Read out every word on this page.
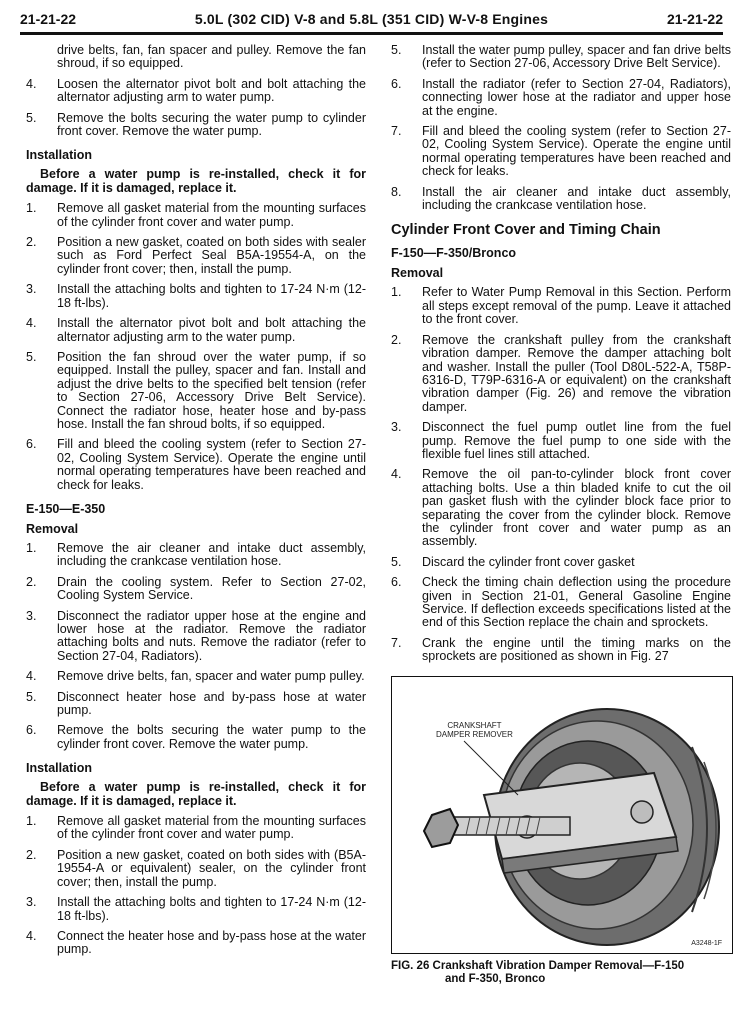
21-21-22	5.0L (302 CID) V-8 and 5.8L (351 CID) W-V-8 Engines	21-21-22

drive belts, fan, fan spacer and pulley. Remove the fan shroud, if so equipped.

4.	Loosen the alternator pivot bolt and bolt attaching the alternator adjusting arm to water pump.
5.	Remove the bolts securing the water pump to cylinder front cover. Remove the water pump.
Installation

Before a water pump is re-installed, check it for damage. If it is damaged, replace it.

1.	Remove all gasket material from the mounting surfaces of the cylinder front cover and water pump.
2.	Position a new gasket, coated on both sides with sealer such as Ford Perfect Seal B5A-19554-A, on the cylinder front cover; then, install the pump.
3.	Install the attaching bolts and tighten to 17-24 N·m (12-18 ft-lbs).
4.	Install the alternator pivot bolt and bolt attaching the alternator adjusting arm to the water pump.
5.	Position the fan shroud over the water pump, if so equipped. Install the pulley, spacer and fan. Install and adjust the drive belts to the specified belt tension (refer to Section 27-06, Accessory Drive Belt Service). Connect the radiator hose, heater hose and by-pass hose. Install the fan shroud bolts, if so equipped.
6.	Fill and bleed the cooling system (refer to Section 27-02, Cooling System Service). Operate the engine until normal operating temperatures have been reached and check for leaks.
E-150—E-350
Removal
1.	Remove the air cleaner and intake duct assembly, including the crankcase ventilation hose.
2.	Drain the cooling system. Refer to Section 27-02, Cooling System Service.
3.	Disconnect the radiator upper hose at the engine and lower hose at the radiator. Remove the radiator attaching bolts and nuts. Remove the radiator (refer to Section 27-04, Radiators).
4.	Remove drive belts, fan, spacer and water pump pulley.
5.	Disconnect heater hose and by-pass hose at water pump.
6.	Remove the bolts securing the water pump to the cylinder front cover. Remove the water pump.
Installation

Before a water pump is re-installed, check it for damage. If it is damaged, replace it.

1.	Remove all gasket material from the mounting surfaces of the cylinder front cover and water pump.
2.	Position a new gasket, coated on both sides with (B5A-19554-A or equivalent) sealer, on the cylinder front cover; then, install the pump.
3.	Install the attaching bolts and tighten to 17-24 N·m (12-18 ft-lbs).
4.	Connect the heater hose and by-pass hose at the water pump.
5.	Install the water pump pulley, spacer and fan drive belts (refer to Section 27-06, Accessory Drive Belt Service).
6.	Install the radiator (refer to Section 27-04, Radiators), connecting lower hose at the radiator and upper hose at the engine.
7.	Fill and bleed the cooling system (refer to Section 27-02, Cooling System Service). Operate the engine until normal operating temperatures have been reached and check for leaks.
8.	Install the air cleaner and intake duct assembly, including the crankcase ventilation hose.
Cylinder Front Cover and Timing Chain
F-150—F-350/Bronco
Removal
1.	Refer to Water Pump Removal in this Section. Perform all steps except removal of the pump. Leave it attached to the front cover.
2.	Remove the crankshaft pulley from the crankshaft vibration damper. Remove the damper attaching bolt and washer. Install the puller (Tool D80L-522-A, T58P-6316-D, T79P-6316-A or equivalent) on the crankshaft vibration damper (Fig. 26) and remove the vibration damper.
3.	Disconnect the fuel pump outlet line from the fuel pump. Remove the fuel pump to one side with the flexible fuel lines still attached.
4.	Remove the oil pan-to-cylinder block front cover attaching bolts. Use a thin bladed knife to cut the oil pan gasket flush with the cylinder block face prior to separating the cover from the cylinder block. Remove the cylinder front cover and water pump as an assembly.
5.	Discard the cylinder front cover gasket
6.	Check the timing chain deflection using the procedure given in Section 21-01, General Gasoline Engine Service. If deflection exceeds specifications listed at the end of this Section replace the chain and sprockets.
7.	Crank the engine until the timing marks on the sprockets are positioned as shown in Fig. 27
CRANKSHAFT
DAMPER REMOVER
A3248-1F
FIG. 26 Crankshaft Vibration Damper Removal—F-150
and F-350, Bronco
